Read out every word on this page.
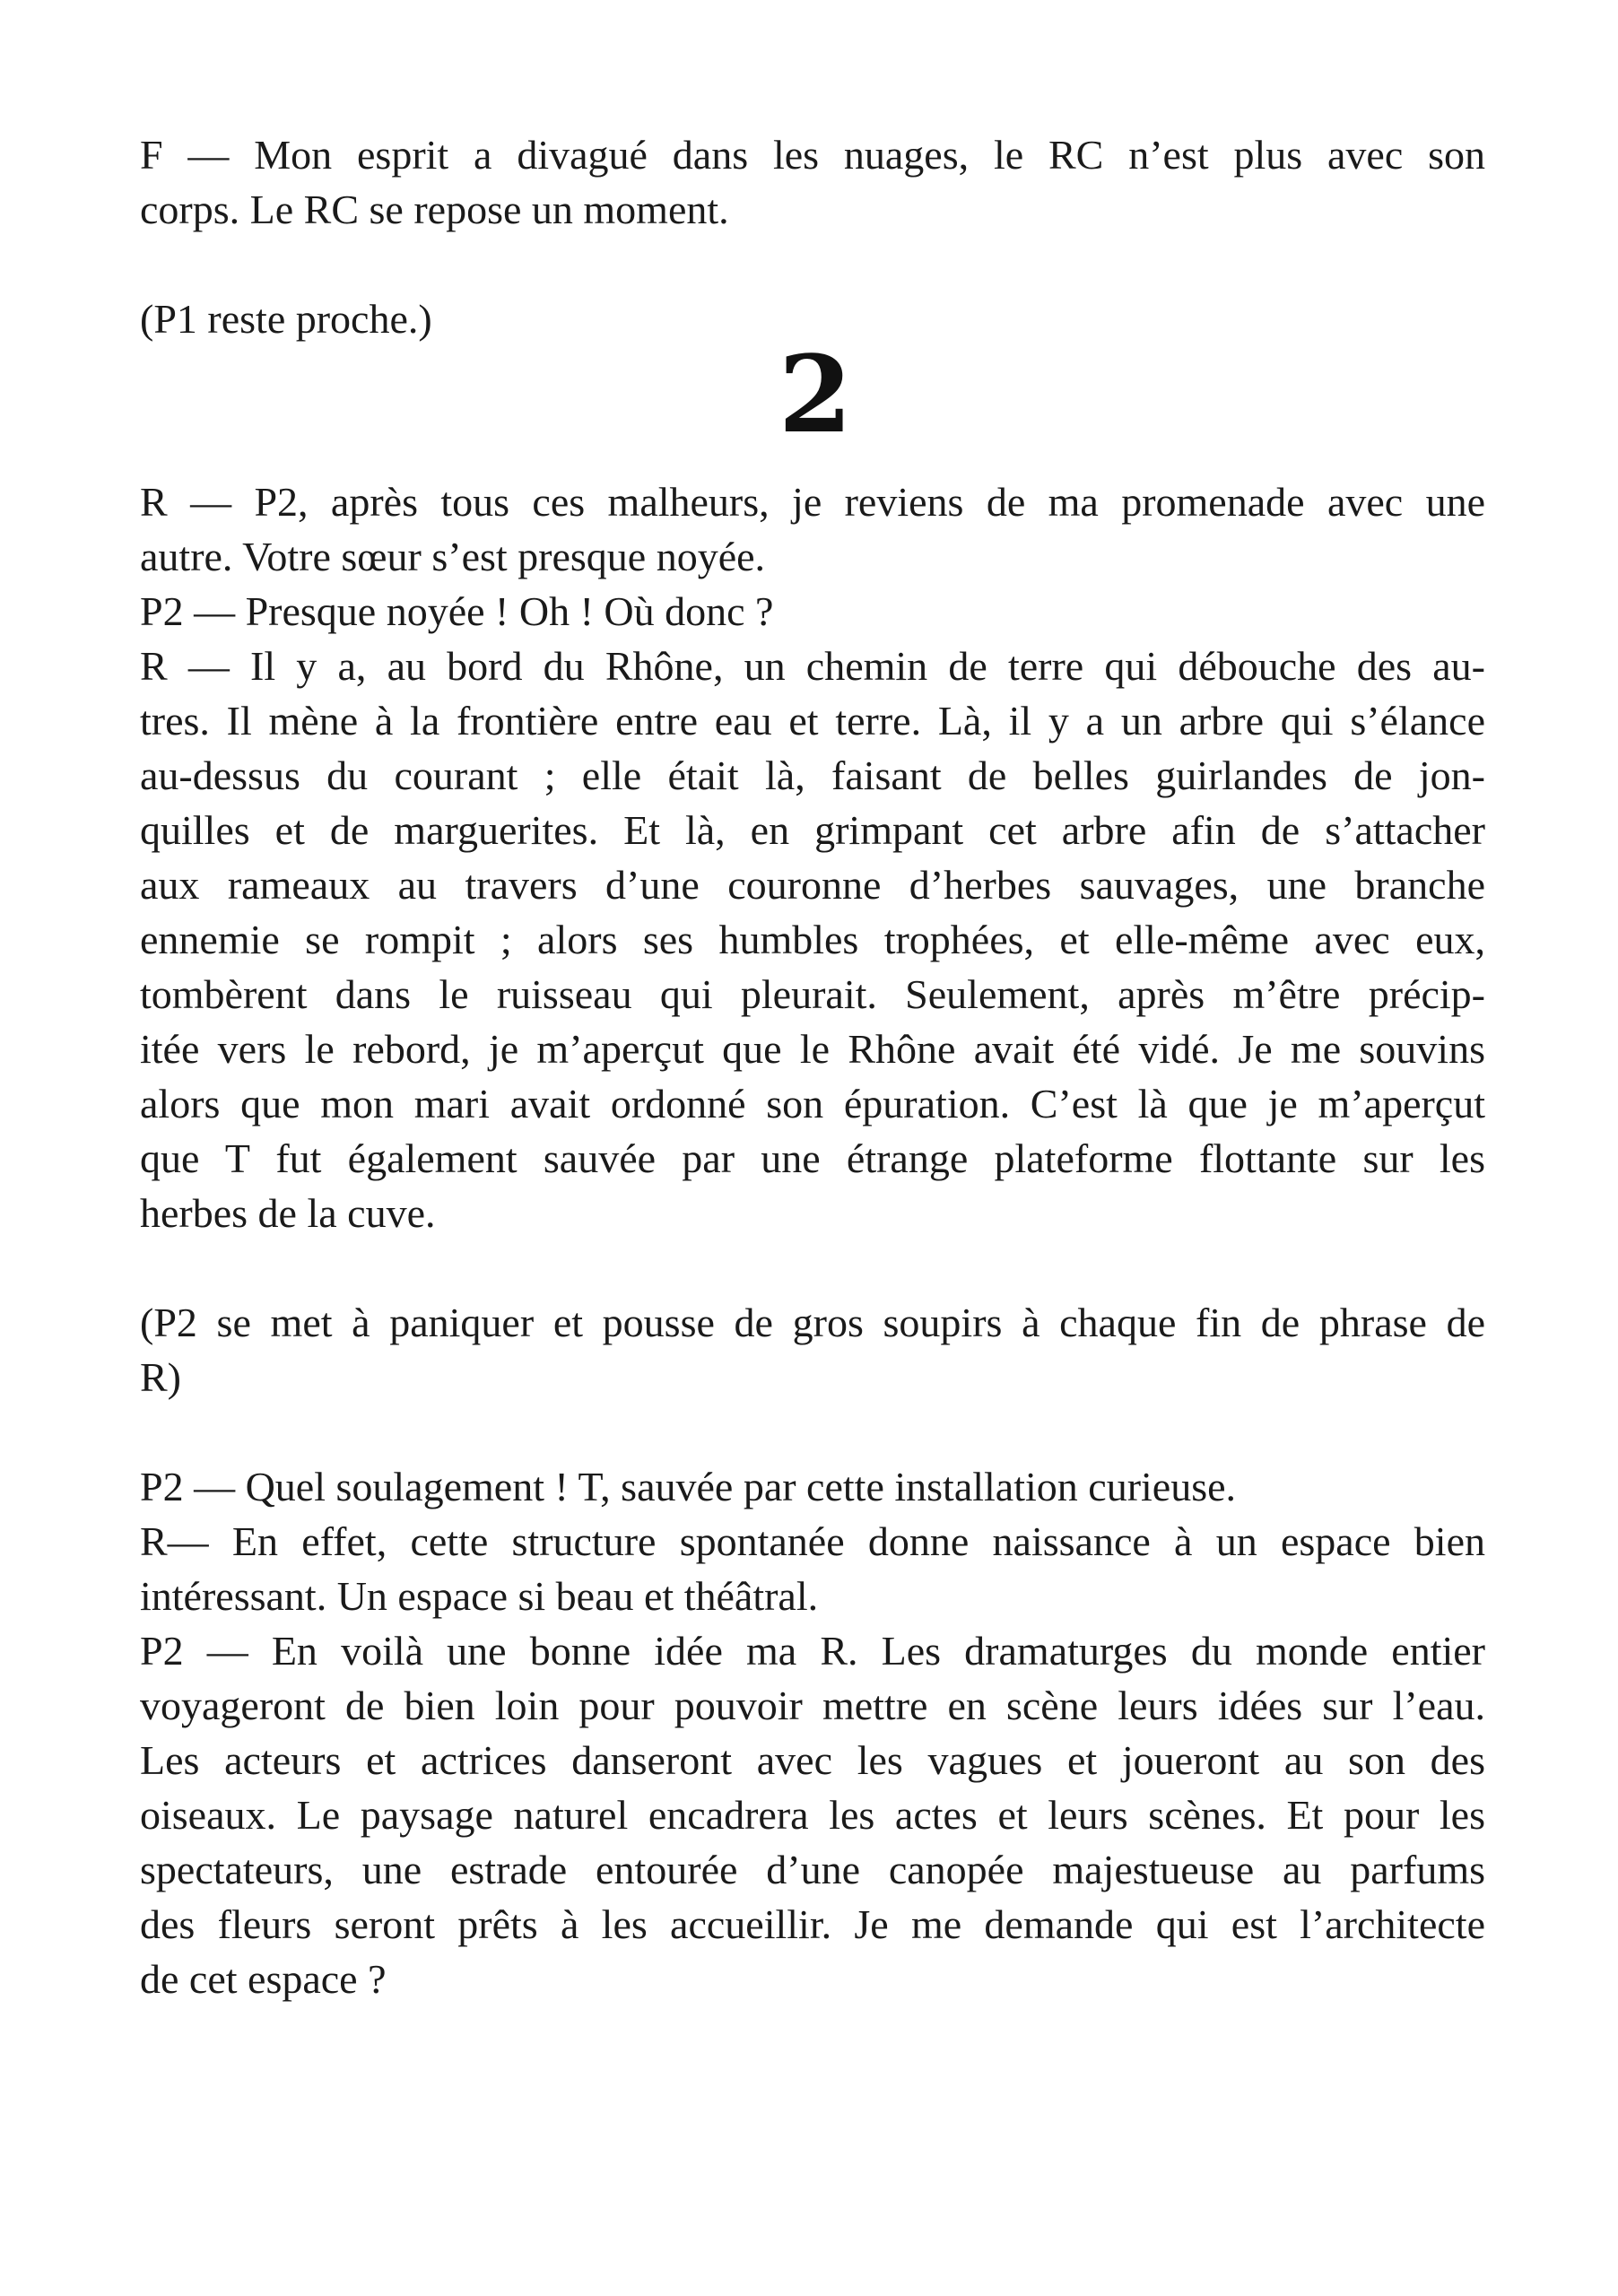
F — Mon esprit a divagué dans les nuages, le RC n’est plus avec son
corps. Le RC se repose un moment.
(P1 reste proche.)
2
R — P2, après tous ces malheurs, je reviens de ma promenade avec une
autre. Votre sœur s’est presque noyée.
P2 — Presque noyée ! Oh ! Où donc ?
R — Il y a, au bord du Rhône, un chemin de terre qui débouche des au-
tres. Il mène à la frontière entre eau et terre. Là, il y a un arbre qui s’élance
au-dessus du courant ; elle était là, faisant de belles guirlandes de jon-
quilles et de marguerites. Et là, en grimpant cet arbre afin de s’attacher
aux rameaux au travers d’une couronne d’herbes sauvages, une branche
ennemie se rompit ; alors ses humbles trophées, et elle-même avec eux,
tombèrent dans le ruisseau qui pleurait. Seulement, après m’être précip-
itée vers le rebord, je m’aperçut que le Rhône avait été vidé. Je me souvins
alors que mon mari avait ordonné son épuration. C’est là que je m’aperçut
que T fut également sauvée par une étrange plateforme flottante sur les
herbes de la cuve.
(P2 se met à paniquer et pousse de gros soupirs à chaque fin de phrase de
R)
P2 — Quel soulagement ! T, sauvée par cette installation curieuse.
R— En effet, cette structure spontanée donne naissance à un espace bien
intéressant. Un espace si beau et théâtral.
P2 — En voilà une bonne idée ma R. Les dramaturges du monde entier
voyageront de bien loin pour pouvoir mettre en scène leurs idées sur l’eau.
Les acteurs et actrices danseront avec les vagues et joueront au son des
oiseaux. Le paysage naturel encadrera les actes et leurs scènes. Et pour les
spectateurs, une estrade entourée d’une canopée majestueuse au parfums
des fleurs seront prêts à les accueillir. Je me demande qui est l’architecte
de cet espace ?
